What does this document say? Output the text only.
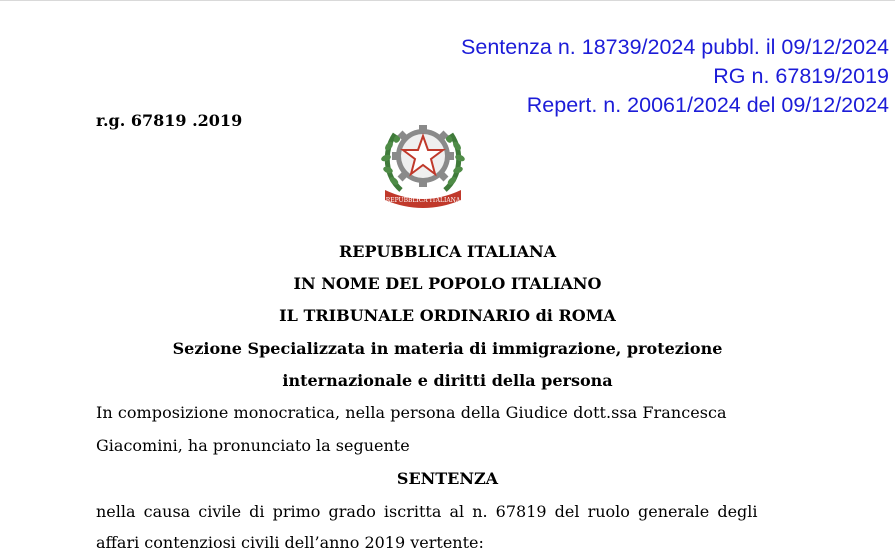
Sentenza n. 18739/2024 pubbl. il 09/12/2024
RG n. 67819/2019
Repert. n. 20061/2024 del 09/12/2024
r.g. 67819 .2019
REPUBBLICA ITALIANA
REPUBBLICA ITALIANA
IN NOME DEL POPOLO ITALIANO
IL TRIBUNALE ORDINARIO di ROMA
Sezione Specializzata in materia di immigrazione, protezione
internazionale e diritti della persona
In composizione monocratica, nella persona della Giudice dott.ssa Francesca
Giacomini, ha pronunciato la seguente
SENTENZA
nella causa civile di primo grado iscritta al n. 67819 del ruolo generale degli
affari contenziosi civili dell’anno 2019 vertente:
